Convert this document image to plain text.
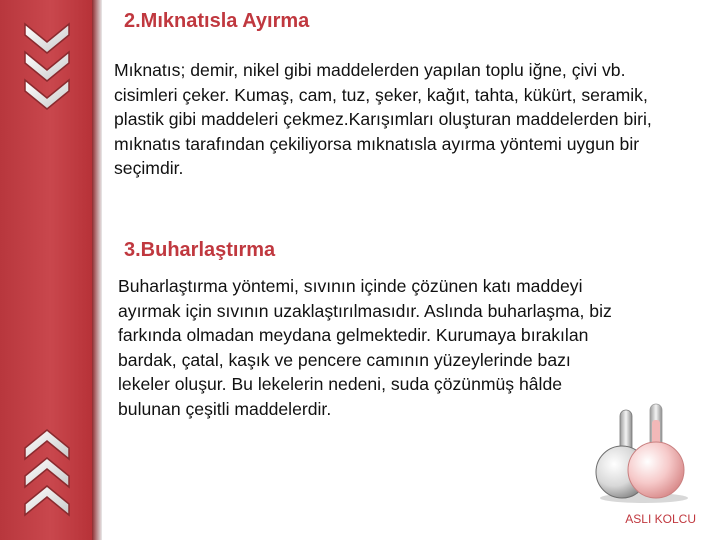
2.Mıknatısla Ayırma

Mıknatıs; demir, nikel gibi maddelerden yapılan toplu iğne, çivi vb. cisimleri çeker. Kumaş, cam, tuz, şeker, kağıt, tahta, kükürt, seramik, plastik gibi maddeleri çekmez.Karışımları oluşturan maddelerden biri, mıknatıs tarafından çekiliyorsa mıknatısla ayırma yöntemi uygun bir seçimdir.

3.Buharlaştırma

Buharlaştırma yöntemi, sıvının içinde çözünen katı maddeyi ayırmak için sıvının uzaklaştırılmasıdır. Aslında buharlaşma, biz farkında olmadan meydana gelmektedir. Kurumaya bırakılan bardak, çatal, kaşık ve pencere camının yüzeylerinde bazı lekeler oluşur. Bu lekelerin nedeni, suda çözünmüş hâlde bulunan çeşitli maddelerdir.

ASLI KOLCU
